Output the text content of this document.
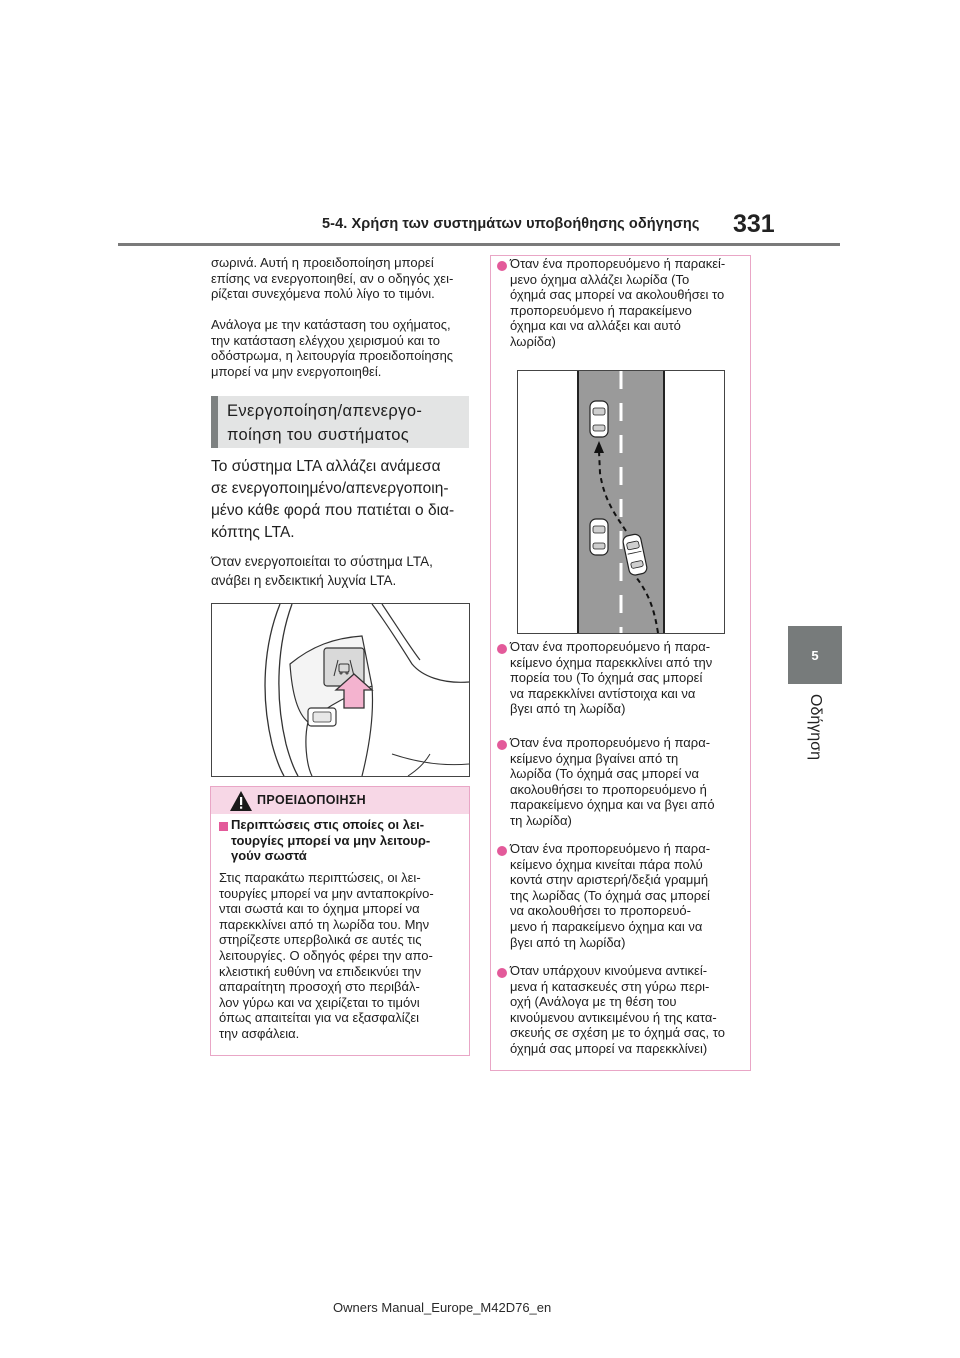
5-4. Χρήση των συστημάτων υποβοήθησης οδήγησης 331
5
Οδήγηση
σωρινά. Αυτή η προειδοποίηση μπορεί
επίσης να ενεργοποιηθεί, αν ο οδηγός χει-
ρίζεται συνεχόμενα πολύ λίγο το τιμόνι.
Ανάλογα με την κατάσταση του οχήματος,
την κατάσταση ελέγχου χειρισμού και το
οδόστρωμα, η λειτουργία προειδοποίησης
μπορεί να μην ενεργοποιηθεί.
Ενεργοποίηση/απενεργο-
ποίηση του συστήματος
Το σύστημα LTA αλλάζει ανάμεσα
σε ενεργοποιημένο/απενεργοποιη-
μένο κάθε φορά που πατιέται ο δια-
κόπτης LTA.
Όταν ενεργοποιείται το σύστημα LTA,
ανάβει η ενδεικτική λυχνία LTA.
ΠΡΟΕΙΔΟΠΟΙΗΣΗ
Περιπτώσεις στις οποίες οι λει-
τουργίες μπορεί να μην λειτουρ-
γούν σωστά
Στις παρακάτω περιπτώσεις, οι λει-
τουργίες μπορεί να μην ανταποκρίνο-
νται σωστά και το όχημα μπορεί να
παρεκκλίνει από τη λωρίδα του. Μην
στηρίζεστε υπερβολικά σε αυτές τις
λειτουργίες. Ο οδηγός φέρει την απο-
κλειστική ευθύνη να επιδεικνύει την
απαραίτητη προσοχή στο περιβάλ-
λον γύρω και να χειρίζεται το τιμόνι
όπως απαιτείται για να εξασφαλίζει
την ασφάλεια.
Όταν ένα προπορευόμενο ή παρακεί-
μενο όχημα αλλάζει λωρίδα (Το
όχημά σας μπορεί να ακολουθήσει το
προπορευόμενο ή παρακείμενο
όχημα και να αλλάξει και αυτό
λωρίδα)
Όταν ένα προπορευόμενο ή παρα-
κείμενο όχημα παρεκκλίνει από την
πορεία του (Το όχημά σας μπορεί
να παρεκκλίνει αντίστοιχα και να
βγει από τη λωρίδα)
Όταν ένα προπορευόμενο ή παρα-
κείμενο όχημα βγαίνει από τη
λωρίδα (Το όχημά σας μπορεί να
ακολουθήσει το προπορευόμενο ή
παρακείμενο όχημα και να βγει από
τη λωρίδα)
Όταν ένα προπορευόμενο ή παρα-
κείμενο όχημα κινείται πάρα πολύ
κοντά στην αριστερή/δεξιά γραμμή
της λωρίδας (Το όχημά σας μπορεί
να ακολουθήσει το προπορευό-
μενο ή παρακείμενο όχημα και να
βγει από τη λωρίδα)
Όταν υπάρχουν κινούμενα αντικεί-
μενα ή κατασκευές στη γύρω περι-
οχή (Ανάλογα με τη θέση του
κινούμενου αντικειμένου ή της κατα-
σκευής σε σχέση με το όχημά σας, το
όχημά σας μπορεί να παρεκκλίνει)
Owners Manual_Europe_M42D76_en
